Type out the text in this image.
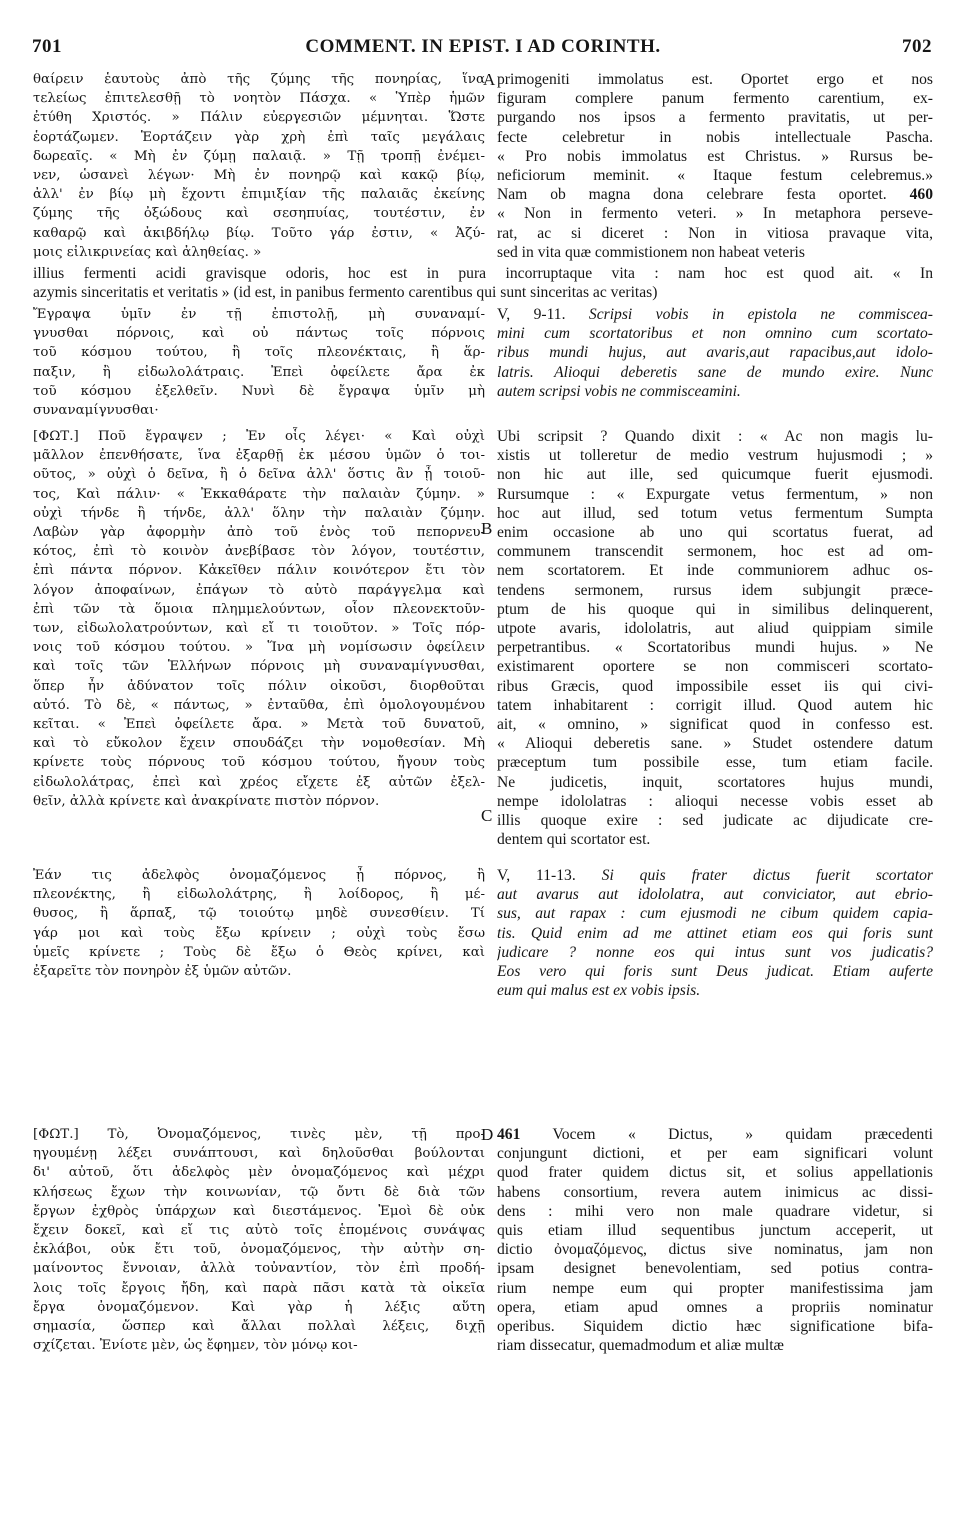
701	COMMENT. IN EPIST. I AD CORINTH.	702
A
B
C
D
θαίρειν ἑαυτοὺς ἀπὸ τῆς ζύμης τῆς πονηρίας, ἵνα
τελείως ἐπιτελεσθῇ τὸ νοητὸν Πάσχα. « Ὑπὲρ ἡμῶν
ἐτύθη Χριστός. » Πάλιν εὐεργεσιῶν μέμνηται. Ὥστε
ἑορτάζωμεν. Ἑορτάζειν γὰρ χρὴ ἐπὶ ταῖς μεγάλαις
δωρεαῖς. « Μὴ ἐν ζύμῃ παλαιᾷ. » Τῇ τροπῇ ἐνέμει-
νεν, ὡσανεὶ λέγων· Μὴ ἐν πονηρῷ καὶ κακῷ βίῳ,
ἀλλ' ἐν βίῳ μὴ ἔχοντι ἐπιμιξίαν τῆς παλαιᾶς ἐκείνης
ζύμης τῆς ὀξώδους καὶ σεσηπυίας, τουτέστιν, ἐν
καθαρῷ καὶ ἀκιβδήλῳ βίῳ. Τοῦτο γάρ ἐστιν, « Ἀζύ-
μοις εἰλικρινείας καὶ ἀληθείας. »
primogeniti immolatus est. Oportet ergo et nos
figuram complere panum fermento carentium, ex-
purgando nos ipsos a fermento pravitatis, ut per-
fecte celebretur in nobis intellectuale Pascha.
« Pro nobis immolatus est Christus. » Rursus be-
neficiorum meminit. « Itaque festum celebremus.»
Nam ob magna dona celebrare festa oportet. 460
« Non in fermento veteri. » In metaphora perseve-
rat, ac si diceret : Non in vitiosa pravaque vita,
sed in vita quæ commistionem non habeat veteris
illius fermenti acidi gravisque odoris, hoc est in pura incorruptaque vita : nam hoc est quod ait. « In
azymis sinceritatis et veritatis » (id est, in panibus fermento carentibus qui sunt sinceritas ac veritas)
Ἔγραψα ὑμῖν ἐν τῇ ἐπιστολῇ, μὴ συναναμί-
γνυσθαι πόρνοις, καὶ οὐ πάντως τοῖς πόρνοις
τοῦ κόσμου τούτου, ἢ τοῖς πλεονέκταις, ἢ ἅρ-
παξιν, ἢ εἰδωλολάτραις. Ἐπεὶ ὀφείλετε ἄρα ἐκ
τοῦ κόσμου ἐξελθεῖν. Νυνὶ δὲ ἔγραψα ὑμῖν μὴ
συναναμίγνυσθαι·
V, 9-11. Scripsi vobis in epistola ne commiscea-
mini cum scortatoribus et non omnino cum scortato-
ribus mundi hujus, aut avaris,aut rapacibus,aut idolo-
latris. Alioqui deberetis sane de mundo exire. Nunc
autem scripsi vobis ne commisceamini.
[ΦΩΤ.] Ποῦ ἔγραψεν ; Ἐν οἷς λέγει· « Καὶ οὐχὶ
μᾶλλον ἐπενθήσατε, ἵνα ἐξαρθῇ ἐκ μέσου ὑμῶν ὁ τοι-
οῦτος, » οὐχὶ ὁ δεῖνα, ἢ ὁ δεῖνα ἀλλ' ὅστις ἂν ᾖ τοιοῦ-
τος, Καὶ πάλιν· « Ἐκκαθάρατε τὴν παλαιὰν ζύμην. »
οὐχὶ τήνδε ἢ τήνδε, ἀλλ' ὅλην τὴν παλαιὰν ζύμην.
Λαβὼν γὰρ ἀφορμὴν ἀπὸ τοῦ ἑνὸς τοῦ πεπορνευ-
κότος, ἐπὶ τὸ κοινὸν ἀνεβίβασε τὸν λόγον, τουτέστιν,
ἐπὶ πάντα πόρνον. Κἀκεῖθεν πάλιν κοινότερον ἔτι τὸν
λόγον ἀποφαίνων, ἐπάγων τὸ αὐτὸ παράγγελμα καὶ
ἐπὶ τῶν τὰ ὅμοια πλημμελούντων, οἷον πλεονεκτοῦν-
των, εἰδωλολατρούντων, καὶ εἴ τι τοιοῦτον. » Τοῖς πόρ-
νοις τοῦ κόσμου τούτου. » Ἵνα μὴ νομίσωσιν ὀφείλειν
καὶ τοῖς τῶν Ἑλλήνων πόρνοις μὴ συναναμίγνυσθαι,
ὅπερ ἦν ἀδύνατον τοῖς πόλιν οἰκοῦσι, διορθοῦται
αὐτό. Τὸ δὲ, « πάντως, » ἐνταῦθα, ἐπὶ ὁμολογουμένου
κεῖται. « Ἐπεὶ ὀφείλετε ἄρα. » Μετὰ τοῦ δυνατοῦ,
καὶ τὸ εὔκολον ἔχειν σπουδάζει τὴν νομοθεσίαν. Μὴ
κρίνετε τοὺς πόρνους τοῦ κόσμου τούτου, ἤγουν τοὺς
εἰδωλολάτρας, ἐπεὶ καὶ χρέος εἴχετε ἐξ αὐτῶν ἐξελ-
θεῖν, ἀλλὰ κρίνετε καὶ ἀνακρίνατε πιστὸν πόρνον.
Ubi scripsit ? Quando dixit : « Ac non magis lu-
xistis ut tolleretur de medio vestrum hujusmodi ; »
non hic aut ille, sed quicumque fuerit ejusmodi.
Rursumque : « Expurgate vetus fermentum, » non
hoc aut illud, sed totum vetus fermentum Sumpta
enim occasione ab uno qui scortatus fuerat, ad
communem transcendit sermonem, hoc est ad om-
nem scortatorem. Et inde communiorem adhuc os-
tendens sermonem, rursus idem subjungit præce-
ptum de his quoque qui in similibus delinquerent,
utpote avaris, idololatris, aut aliud quippiam simile
perpetrantibus. « Scortatoribus mundi hujus. » Ne
existimarent oportere se non commisceri scortato-
ribus Græcis, quod impossibile esset iis qui civi-
tatem inhabitarent : corrigit illud. Quod autem hic
ait, « omnino, » significat quod in confesso est.
« Alioqui deberetis sane. » Studet ostendere datum
præceptum tum possibile esse, tum etiam facile.
Ne judicetis, inquit, scortatores hujus mundi,
nempe idololatras : alioqui necesse vobis esset ab
illis quoque exire : sed judicate ac dijudicate cre-
dentem qui scortator est.
Ἐάν τις ἀδελφὸς ὀνομαζόμενος ᾖ πόρνος, ἢ
πλεονέκτης, ἢ εἰδωλολάτρης, ἢ λοίδορος, ἢ μέ-
θυσος, ἢ ἅρπαξ, τῷ τοιούτῳ μηδὲ συνεσθίειν. Τί
γάρ μοι καὶ τοὺς ἔξω κρίνειν ; οὐχὶ τοὺς ἔσω
ὑμεῖς κρίνετε ; Τοὺς δὲ ἔξω ὁ Θεὸς κρίνει, καὶ
ἐξαρεῖτε τὸν πονηρὸν ἐξ ὑμῶν αὐτῶν.
V, 11-13. Si quis frater dictus fuerit scortator
aut avarus aut idololatra, aut conviciator, aut ebrio-
sus, aut rapax : cum ejusmodi ne cibum quidem capia-
tis. Quid enim ad me attinet etiam eos qui foris sunt
judicare ? nonne eos qui intus sunt vos judicatis?
Eos vero qui foris sunt Deus judicat. Etiam auferte
eum qui malus est ex vobis ipsis.
[ΦΩΤ.] Τὸ, Ὀνομαζόμενος, τινὲς μὲν, τῇ προ-
ηγουμένῃ λέξει συνάπτουσι, καὶ δηλοῦσθαι βούλονται
δι' αὐτοῦ, ὅτι ἀδελφὸς μὲν ὀνομαζόμενος καὶ μέχρι
κλήσεως ἔχων τὴν κοινωνίαν, τῷ ὄντι δὲ διὰ τῶν
ἔργων ἐχθρὸς ὑπάρχων καὶ διεστάμενος. Ἐμοὶ δὲ οὐκ
ἔχειν δοκεῖ, καὶ εἴ τις αὐτὸ τοῖς ἑπομένοις συνάψας
ἐκλάβοι, οὐκ ἔτι τοῦ, ὀνομαζόμενος, τὴν αὐτὴν ση-
μαίνοντος ἔννοιαν, ἀλλὰ τοὐναντίον, τὸν ἐπὶ προδή-
λοις τοῖς ἔργοις ἤδη, καὶ παρὰ πᾶσι κατὰ τὰ οἰκεῖα
ἔργα ὀνομαζόμενον. Καὶ γὰρ ἡ λέξις αὕτη
σημασία, ὥσπερ καὶ ἄλλαι πολλαὶ λέξεις, διχῇ
σχίζεται. Ἐνίοτε μὲν, ὡς ἔφημεν, τὸν μόνῳ κοι-
461 Vocem « Dictus, » quidam præcedenti
conjungunt dictioni, et per eam significari volunt
quod frater quidem dictus sit, et solius appellationis
habens consortium, revera autem inimicus ac dissi-
dens : mihi vero non male quadrare videtur, si
quis etiam illud sequentibus junctum acceperit, ut
dictio ὀνομαζόμενος, dictus sive nominatus, jam non
ipsam designet benevolentiam, sed potius contra-
rium nempe eum qui propter manifestissima jam
opera, etiam apud omnes a propriis nominatur
operibus. Siquidem dictio hæc significatione bifa-
riam dissecatur, quemadmodum et aliæ multæ
